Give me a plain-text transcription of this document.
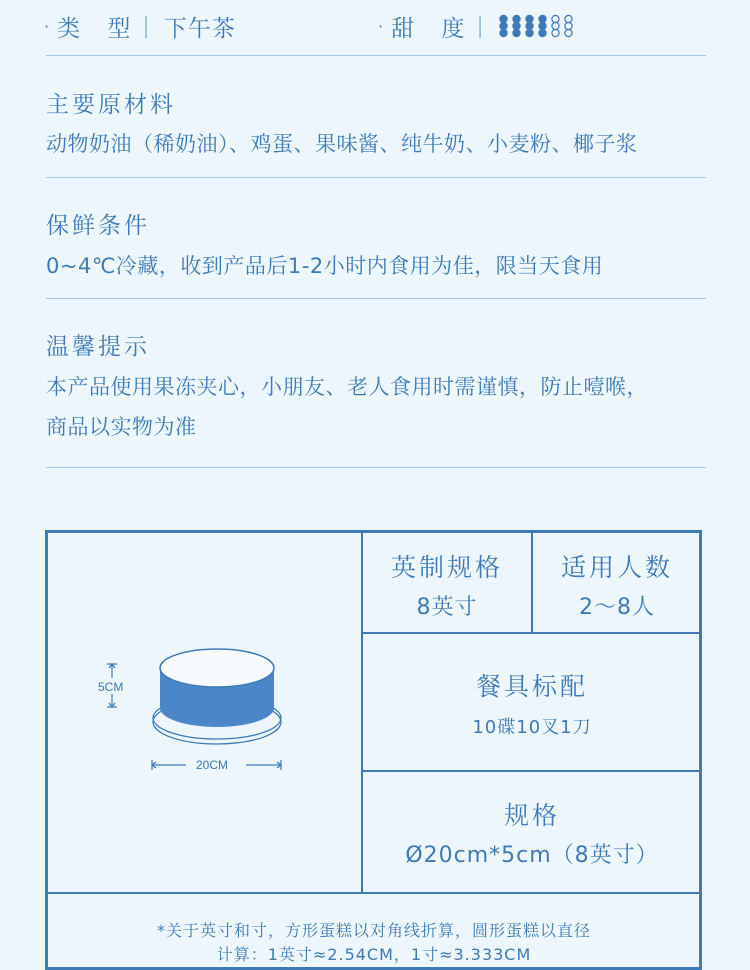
· 类 型 | 下午茶	· 甜 度 |
主要原材料
动物奶油（稀奶油）、鸡蛋、果味酱、纯牛奶、小麦粉、椰子浆
保鲜条件
0~4℃冷藏，收到产品后1-2小时内食用为佳，限当天食用
温馨提示
本产品使用果冻夹心，小朋友、老人食用时需谨慎，防止噎喉，
商品以实物为准
5CM
20CM
英制规格
8英寸
适用人数
2～8人
餐具标配
10碟10叉1刀
规格
Ø20cm*5cm（8英寸）
*关于英寸和寸，方形蛋糕以对角线折算，圆形蛋糕以直径
计算：1英寸≈2.54CM，1寸≈3.333CM
